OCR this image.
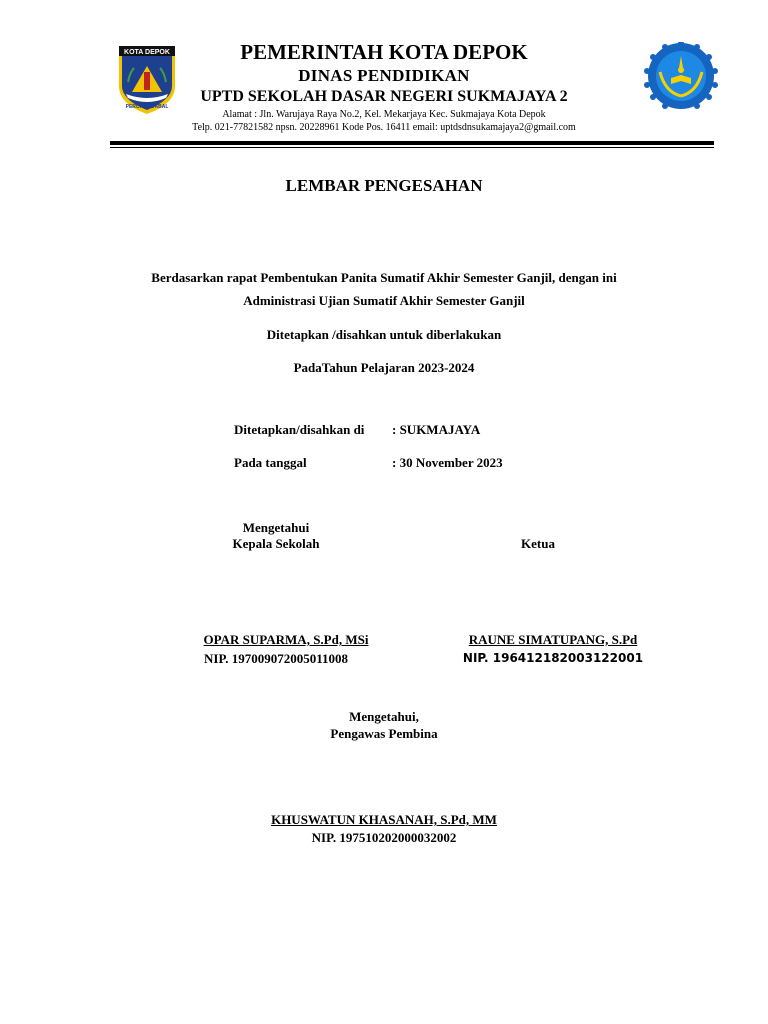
KOTA DEPOK
PERCAPA DABAL
PEMERINTAH KOTA DEPOK
DINAS PENDIDIKAN
UPTD SEKOLAH DASAR NEGERI SUKMAJAYA 2
Alamat : Jln. Warujaya Raya No.2, Kel. Mekarjaya Kec. Sukmajaya Kota Depok
Telp. 021-77821582 npsn. 20228961 Kode Pos. 16411 email: uptdsdnsukamajaya2@gmail.com
LEMBAR PENGESAHAN
Berdasarkan rapat Pembentukan Panita Sumatif Akhir Semester Ganjil, dengan ini
Administrasi Ujian Sumatif Akhir Semester Ganjil
Ditetapkan /disahkan untuk diberlakukan
PadaTahun Pelajaran 2023-2024
Ditetapkan/disahkan di : SUKMAJAYA
Pada tanggal	: 30 November 2023
Mengetahui
Kepala Sekolah	Ketua
OPAR SUPARMA, S.Pd, MSi
NIP. 197009072005011008
RAUNE SIMATUPANG, S.Pd
NIP. 196412182003122001
Mengetahui,
Pengawas Pembina
KHUSWATUN KHASANAH, S.Pd, MM
NIP. 197510202000032002
